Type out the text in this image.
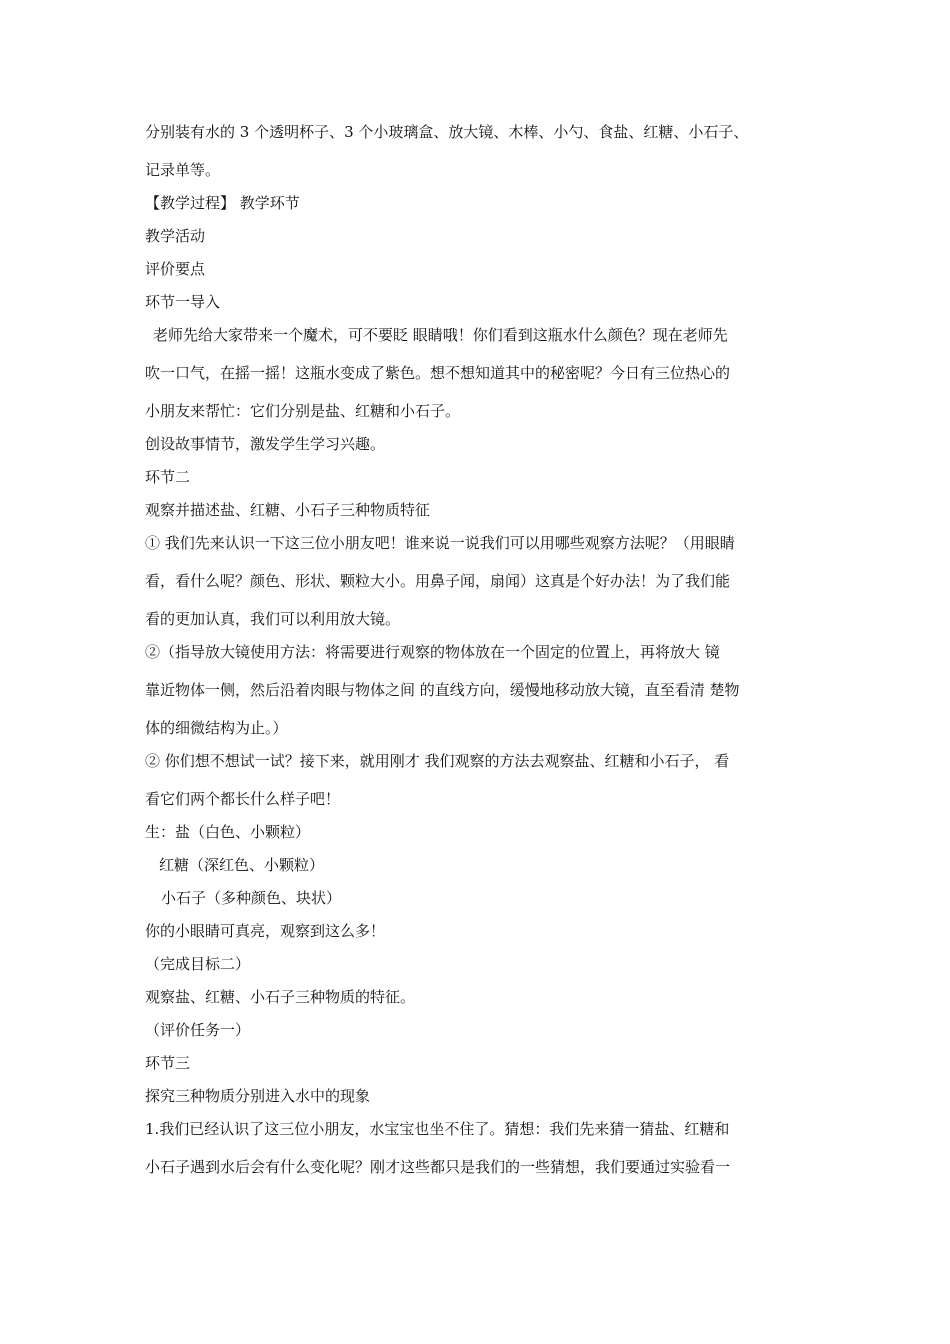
分别装有水的 3 个透明杯子、3 个小玻璃盒、放大镜、木棒、小勺、食盐、红糖、小石子、
记录单等。
【教学过程】 教学环节
教学活动
评价要点
环节一导入
老师先给大家带来一个魔术，可不要眨 眼睛哦！你们看到这瓶水什么颜色？现在老师先
吹一口气，在摇一摇！这瓶水变成了紫色。想不想知道其中的秘密呢？今日有三位热心的
小朋友来帮忙：它们分别是盐、红糖和小石子。
创设故事情节，激发学生学习兴趣。
环节二
观察并描述盐、红糖、小石子三种物质特征
① 我们先来认识一下这三位小朋友吧！谁来说一说我们可以用哪些观察方法呢？（用眼睛
看，看什么呢？颜色、形状、颗粒大小。用鼻子闻，扇闻）这真是个好办法！为了我们能
看的更加认真，我们可以利用放大镜。
②（指导放大镜使用方法：将需要进行观察的物体放在一个固定的位置上，再将放大 镜
靠近物体一侧，然后沿着肉眼与物体之间 的直线方向，缓慢地移动放大镜，直至看清 楚物
体的细微结构为止。）
② 你们想不想试一试？接下来，就用刚才 我们观察的方法去观察盐、红糖和小石子， 看
看它们两个都长什么样子吧！
生：盐（白色、小颗粒）
红糖（深红色、小颗粒）
小石子（多种颜色、块状）
你的小眼睛可真亮，观察到这么多！
（完成目标二）
观察盐、红糖、小石子三种物质的特征。
（评价任务一）
环节三
探究三种物质分别进入水中的现象
1.我们已经认识了这三位小朋友，水宝宝也坐不住了。猜想：我们先来猜一猜盐、红糖和
小石子遇到水后会有什么变化呢？刚才这些都只是我们的一些猜想，我们要通过实验看一
